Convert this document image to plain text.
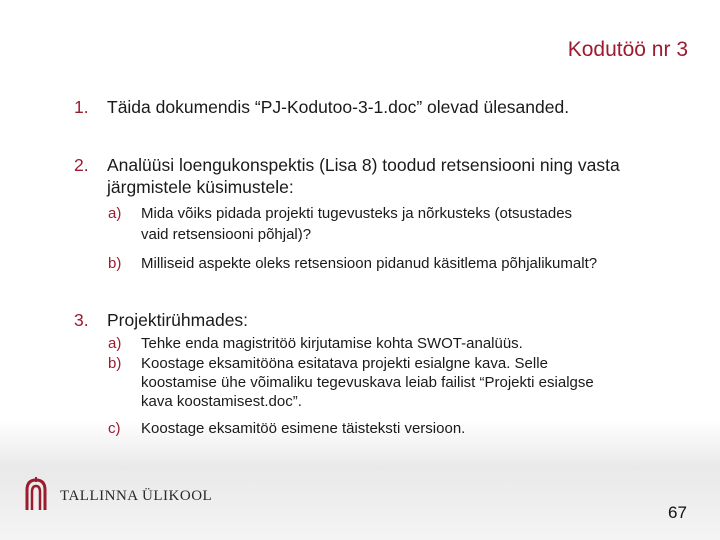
Kodutöö nr 3
1. Täida dokumendis “PJ-Kodutoo-3-1.doc” olevad ülesanded.
2. Analüüsi loengukonspektis (Lisa 8) toodud retsensiooni ning vasta
järgmistele küsimustele:
a) Mida võiks pidada projekti tugevusteks ja nõrkusteks (otsustades
vaid retsensiooni põhjal)?
b) Milliseid aspekte oleks retsensioon pidanud käsitlema põhjalikumalt?
3. Projektirühmades:
a) Tehke enda magistritöö kirjutamise kohta SWOT-analüüs.
b) Koostage eksamitööna esitatava projekti esialgne kava. Selle
koostamise ühe võimaliku tegevuskava leiab failist “Projekti esialgse
kava koostamisest.doc”.
c) Koostage eksamitöö esimene täisteksti versioon.
TALLINNA ÜLIKOOL
67
